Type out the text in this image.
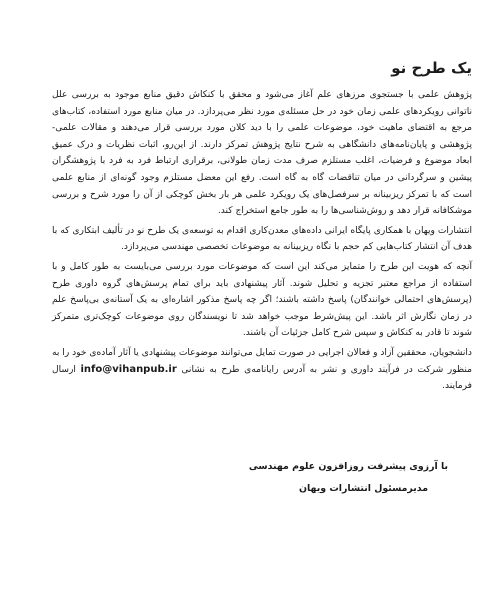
یک طرح نو

پژوهش علمی با جستجوی مرزهای علم آغاز می‌شود و محقق با کنکاش دقیق منابع موجود به بررسی علل ناتوانی رویکردهای علمی زمان خود در حل مسئله‌ی مورد نظر می‌پردازد. در میان منابع مورد استفاده، کتاب‌های مرجع به اقتضای ماهیت خود، موضوعات علمی را با دید کلان مورد بررسی قرار می‌دهند و مقالات علمی- پژوهشی و پایان‌نامه‌های دانشگاهی به شرح نتایج پژوهش تمرکز دارند. از این‌رو، اثبات نظریات و درک عمیق ابعاد موضوع و فرضیات، اغلب مستلزم صرف مدت زمان طولانی، برقراری ارتباط فرد به فرد با پژوهشگران پیشین و سرگردانی در میان تناقضات گاه به گاه است. رفع این معضل مستلزم وجود گونه‌ای از منابع علمی است که با تمرکز ریزبینانه بر سرفصل‌های یک رویکرد علمی هر بار بخش کوچکی از آن را مورد شرح و بررسی موشکافانه قرار دهد و روش‌شناسی‌ها را به طور جامع استخراج کند.

انتشارات ویهان با همکاری پایگاه ایرانی داده‌های معدن‌کاری اقدام به توسعه‌ی یک طرح نو در تألیف ابتکاری که با هدف آن انتشار کتاب‌هایی کم حجم با نگاه ریزبینانه به موضوعات تخصصی مهندسی می‌پردازد.

آنچه که هویت این طرح را متمایز می‌کند این است که موضوعات مورد بررسی می‌بایست به طور کامل و با استفاده از مراجع معتبر تجزیه و تحلیل شوند. آثار پیشنهادی باید برای تمام پرسش‌های گروه داوری طرح (پرسش‌های احتمالی خوانندگان) پاسخ داشته باشند؛ اگر چه پاسخ مذکور اشاره‌ای به یک آستانه‌ی بی‌پاسخ علم در زمان نگارش اثر باشد. این پیش‌شرط موجب خواهد شد تا نویسندگان روی موضوعات کوچک‌تری متمرکز شوند تا قادر به کنکاش و سپس شرح کامل جزئیات آن باشند.

دانشجویان، محققین آزاد و فعالان اجرایی در صورت تمایل می‌توانند موضوعات پیشنهادی یا آثار آماده‌ی خود را به منظور شرکت در فرآیند داوری و نشر به آدرس رایانامه‌ی طرح به نشانی info@vihanpub.ir ارسال فرمایند.

با آرزوی پیشرفت روزافزون علوم مهندسی

مدیرمسئول انتشارات ویهان
